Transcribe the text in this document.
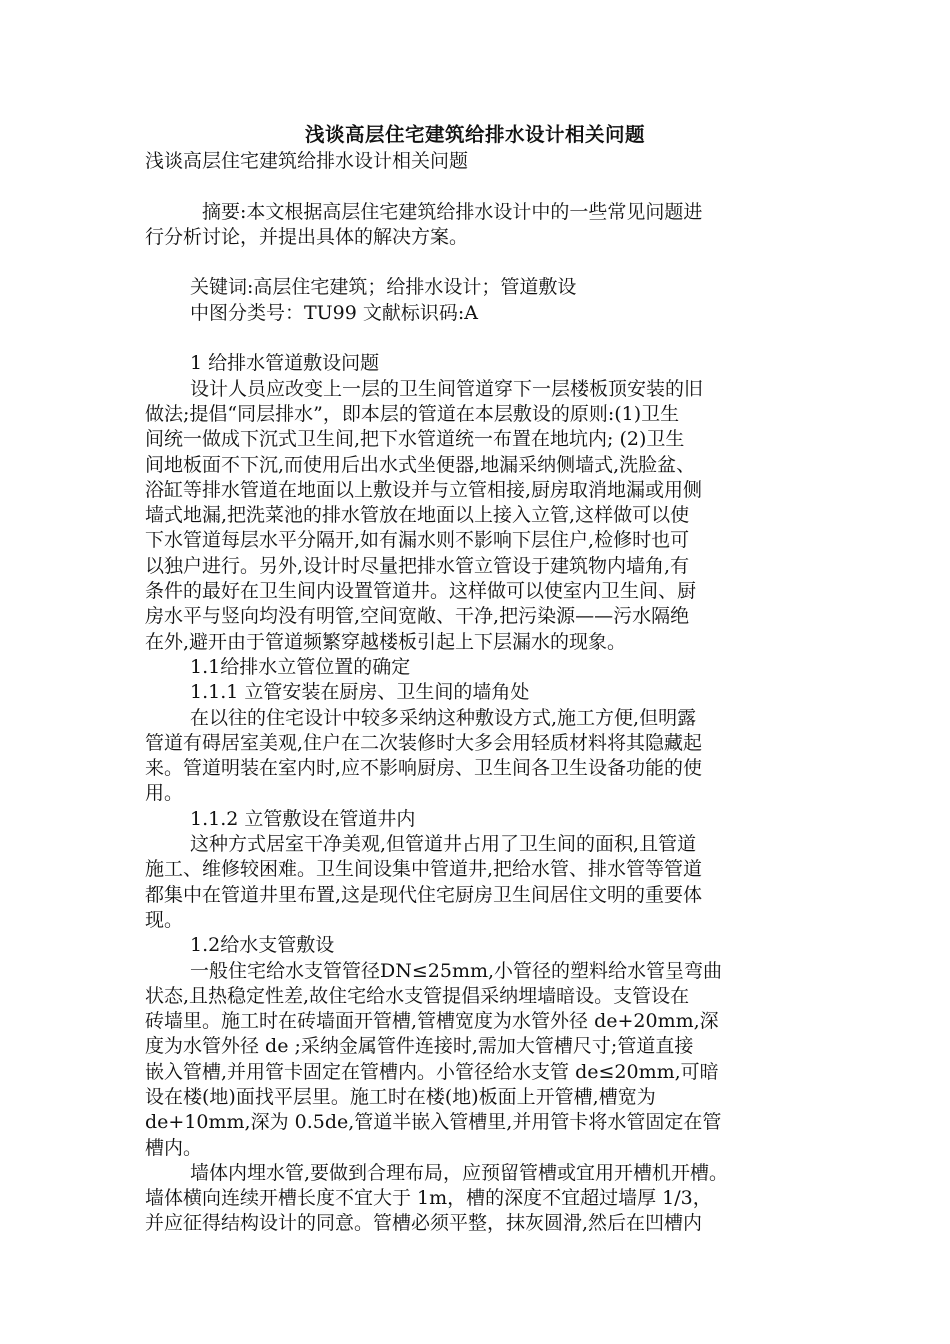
浅谈高层住宅建筑给排水设计相关问题

浅谈高层住宅建筑给排水设计相关问题

摘要:本文根据高层住宅建筑给排水设计中的一些常见问题进

行分析讨论，并提出具体的解决方案。

关键词:高层住宅建筑；给排水设计；管道敷设

中图分类号：TU99 文献标识码:A

1 给排水管道敷设问题

设计人员应改变上一层的卫生间管道穿下一层楼板顶安装的旧

做法;提倡“同层排水”，即本层的管道在本层敷设的原则:(1)卫生

间统一做成下沉式卫生间,把下水管道统一布置在地坑内; (2)卫生

间地板面不下沉,而使用后出水式坐便器,地漏采纳侧墙式,洗脸盆、

浴缸等排水管道在地面以上敷设并与立管相接,厨房取消地漏或用侧

墙式地漏,把洗菜池的排水管放在地面以上接入立管,这样做可以使

下水管道每层水平分隔开,如有漏水则不影响下层住户,检修时也可

以独户进行。另外,设计时尽量把排水管立管设于建筑物内墙角,有

条件的最好在卫生间内设置管道井。这样做可以使室内卫生间、厨

房水平与竖向均没有明管,空间宽敞、干净,把污染源——污水隔绝

在外,避开由于管道频繁穿越楼板引起上下层漏水的现象。

1.1给排水立管位置的确定

1.1.1 立管安装在厨房、卫生间的墙角处

在以往的住宅设计中较多采纳这种敷设方式,施工方便,但明露

管道有碍居室美观,住户在二次装修时大多会用轻质材料将其隐藏起

来。管道明装在室内时,应不影响厨房、卫生间各卫生设备功能的使

用。

1.1.2 立管敷设在管道井内

这种方式居室干净美观,但管道井占用了卫生间的面积,且管道

施工、维修较困难。卫生间设集中管道井,把给水管、排水管等管道

都集中在管道井里布置,这是现代住宅厨房卫生间居住文明的重要体

现。

1.2给水支管敷设

一般住宅给水支管管径DN≤25mm,小管径的塑料给水管呈弯曲

状态,且热稳定性差,故住宅给水支管提倡采纳埋墙暗设。支管设在

砖墙里。施工时在砖墙面开管槽,管槽宽度为水管外径 de+20mm,深

度为水管外径 de ;采纳金属管件连接时,需加大管槽尺寸;管道直接

嵌入管槽,并用管卡固定在管槽内。小管径给水支管 de≤20mm,可暗

设在楼(地)面找平层里。施工时在楼(地)板面上开管槽,槽宽为

de+10mm,深为 0.5de,管道半嵌入管槽里,并用管卡将水管固定在管

槽内。

墙体内埋水管,要做到合理布局，应预留管槽或宜用开槽机开槽。

墙体横向连续开槽长度不宜大于 1m，槽的深度不宜超过墙厚 1/3，

并应征得结构设计的同意。管槽必须平整，抹灰圆滑,然后在凹槽内
